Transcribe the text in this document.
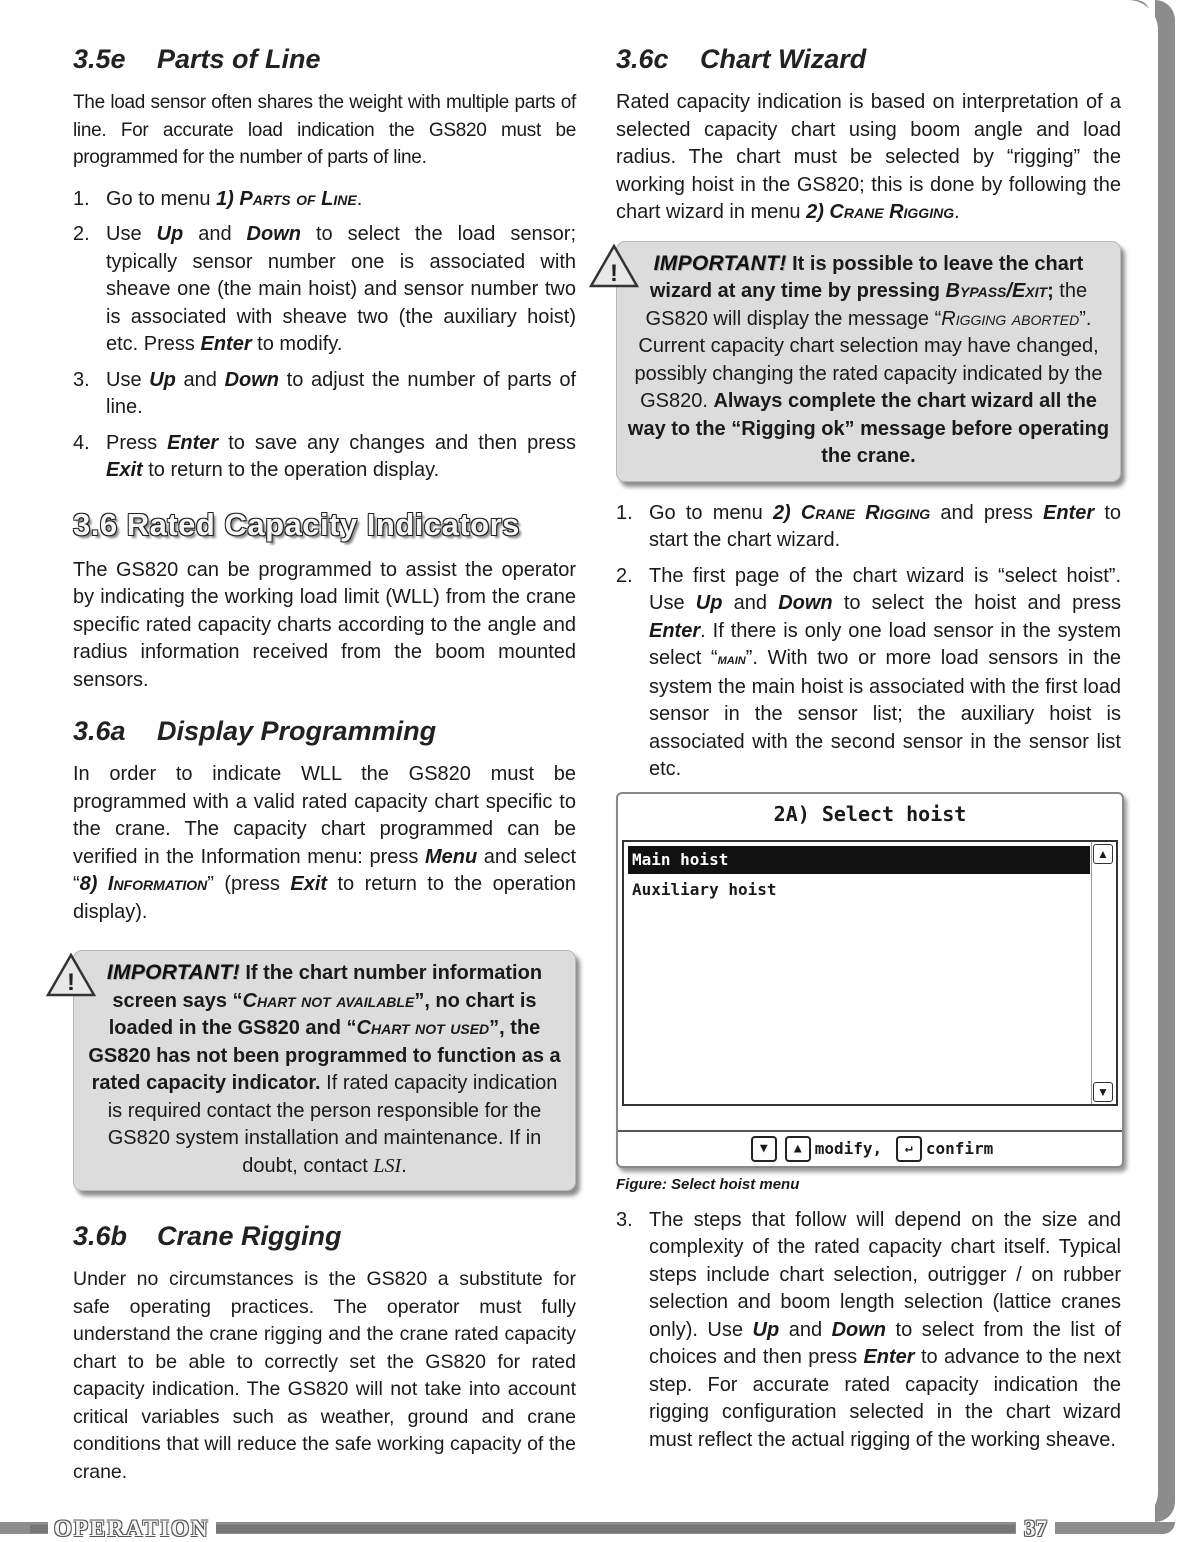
3.5e Parts of Line

The load sensor often shares the weight with multiple parts of line. For accurate load indication the GS820 must be programmed for the number of parts of line.

1. Go to menu 1) Parts of Line.
2. Use Up and Down to select the load sensor; typically sensor number one is associated with sheave one (the main hoist) and sensor number two is associated with sheave two (the auxiliary hoist) etc. Press Enter to modify.
3. Use Up and Down to adjust the number of parts of line.
4. Press Enter to save any changes and then press Exit to return to the operation display.
3.6 Rated Capacity Indicators

The GS820 can be programmed to assist the operator by indicating the working load limit (WLL) from the crane specific rated capacity charts according to the angle and radius information received from the boom mounted sensors.

3.6a Display Programming

In order to indicate WLL the GS820 must be programmed with a valid rated capacity chart specific to the crane. The capacity chart programmed can be verified in the Information menu: press Menu and select “8) Information” (press Exit to return to the operation display).

! IMPORTANT! If the chart number information screen says “Chart not available”, no chart is loaded in the GS820 and “Chart not used”, the GS820 has not been programmed to function as a rated capacity indicator. If rated capacity indication is required contact the person responsible for the GS820 system installation and maintenance. If in doubt, contact LSI.
3.6b Crane Rigging

Under no circumstances is the GS820 a substitute for safe operating practices. The operator must fully understand the crane rigging and the crane rated capacity chart to be able to correctly set the GS820 for rated capacity indication. The GS820 will not take into account critical variables such as weather, ground and crane conditions that will reduce the safe working capacity of the crane.

3.6c Chart Wizard

Rated capacity indication is based on interpretation of a selected capacity chart using boom angle and load radius. The chart must be selected by “rigging” the working hoist in the GS820; this is done by following the chart wizard in menu 2) Crane Rigging.

! IMPORTANT! It is possible to leave the chart wizard at any time by pressing Bypass/Exit; the GS820 will display the message “Rigging aborted”. Current capacity chart selection may have changed, possibly changing the rated capacity indicated by the GS820. Always complete the chart wizard all the way to the “Rigging ok” message before operating the crane.
1. Go to menu 2) Crane Rigging and press Enter to start the chart wizard.
2. The first page of the chart wizard is “select hoist”. Use Up and Down to select the hoist and press Enter. If there is only one load sensor in the system select “main”. With two or more load sensors in the system the main hoist is associated with the first load sensor in the sensor list; the auxiliary hoist is associated with the second sensor in the sensor list etc.
2A) Select hoist
Main hoist
Auxiliary hoist
▲
▼
▼ ▲ modify, ↵ confirm
Figure: Select hoist menu
3. The steps that follow will depend on the size and complexity of the rated capacity chart itself. Typical steps include chart selection, outrigger / on rubber selection and boom length selection (lattice cranes only). Use Up and Down to select from the list of choices and then press Enter to advance to the next step. For accurate rated capacity indication the rigging configuration selected in the chart wizard must reflect the actual rigging of the working sheave.
OPERATION	37
